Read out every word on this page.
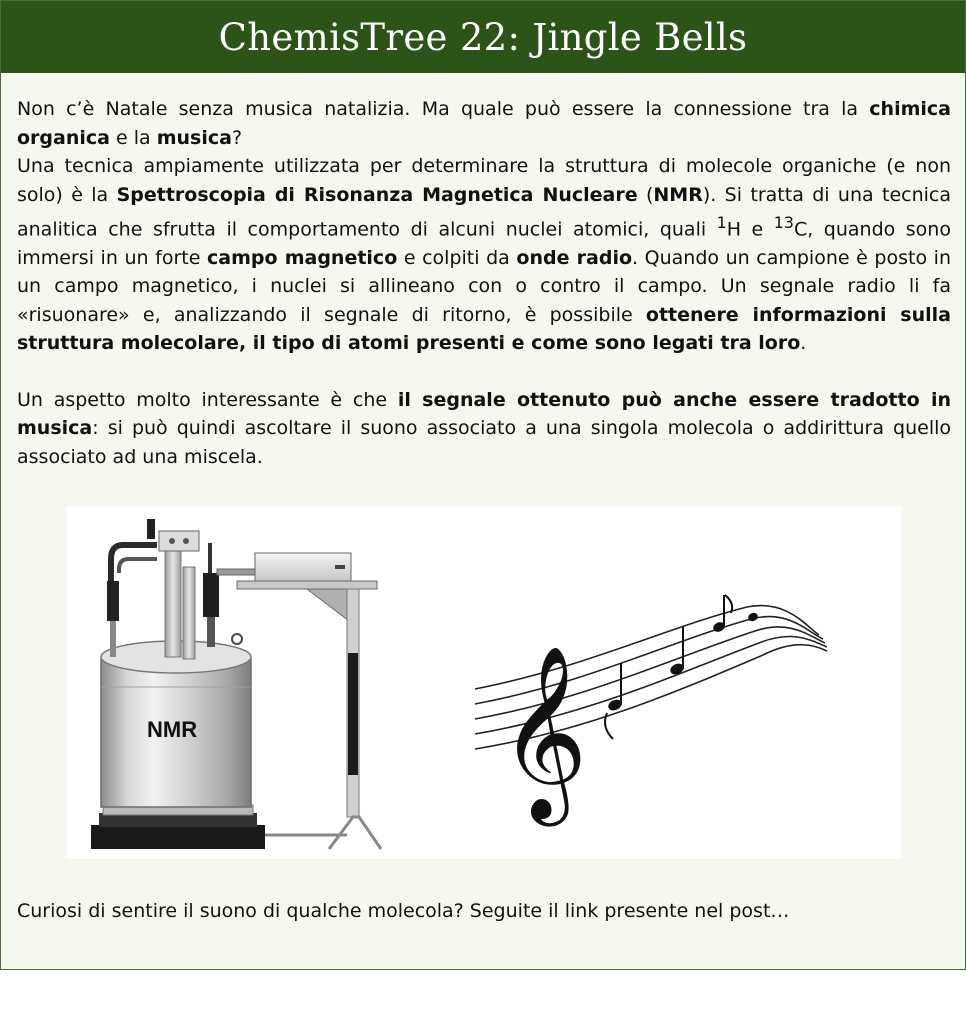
ChemisTree 22: Jingle Bells

Non c’è Natale senza musica natalizia. Ma quale può essere la connessione tra la chimica organica e la musica?

Una tecnica ampiamente utilizzata per determinare la struttura di molecole organiche (e non solo) è la Spettroscopia di Risonanza Magnetica Nucleare (NMR). Si tratta di una tecnica analitica che sfrutta il comportamento di alcuni nuclei atomici, quali $^1$H e $^{13}$C, quando sono immersi in un forte campo magnetico e colpiti da onde radio. Quando un campione è posto in un campo magnetico, i nuclei si allineano con o contro il campo. Un segnale radio li fa «risuonare» e, analizzando il segnale di ritorno, è possibile ottenere informazioni sulla struttura molecolare, il tipo di atomi presenti e come sono legati tra loro.

Un aspetto molto interessante è che il segnale ottenuto può anche essere tradotto in musica: si può quindi ascoltare il suono associato a una singola molecola o addirittura quello associato ad una miscela.

NMR 𝄞
Curiosi di sentire il suono di qualche molecola? Seguite il link presente nel post…
